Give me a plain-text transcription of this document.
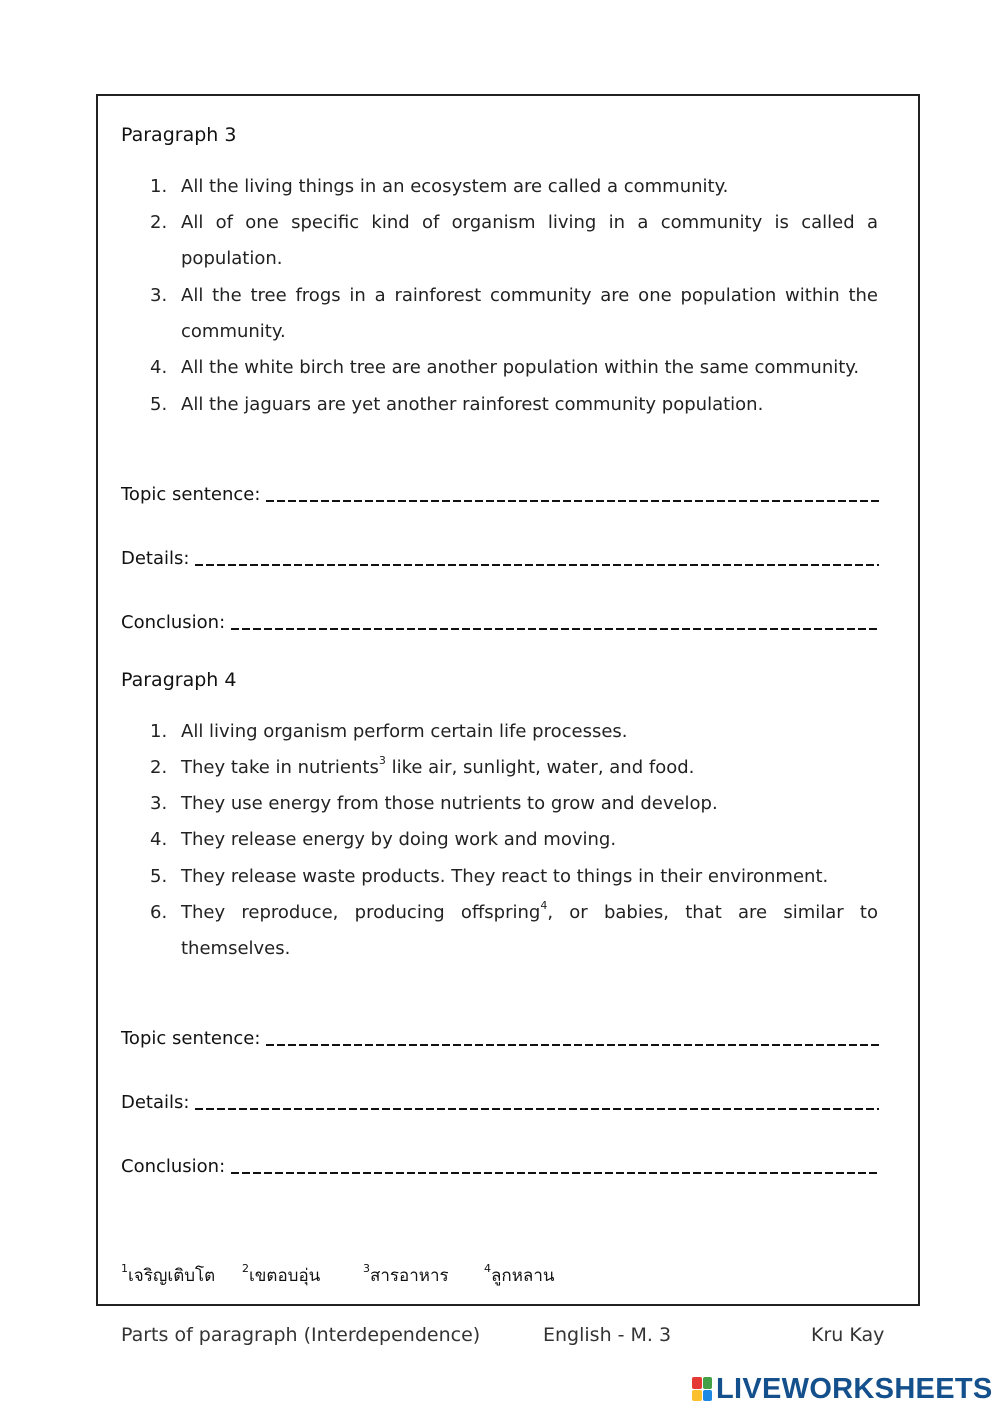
Paragraph 3
1. All the living things in an ecosystem are called a community.
2. All of one specific kind of organism living in a community is called a
population.
3. All the tree frogs in a rainforest community are one population within the
community.
4. All the white birch tree are another population within the same community.
5. All the jaguars are yet another rainforest community population.
Topic sentence:
Details:
Conclusion:
Paragraph 4
1. All living organism perform certain life processes.
2. They take in nutrients$^3$ like air, sunlight, water, and food.
3. They use energy from those nutrients to grow and develop.
4. They release energy by doing work and moving.
5. They release waste products. They react to things in their environment.
6. They reproduce, producing offspring$^4$, or babies, that are similar to
themselves.
Topic sentence:
Details:
Conclusion:
$^1$เจริญเติบโต $^2$เขตอบอุ่น	$^3$สารอาหาร	$^4$ลูกหลาน
Parts of paragraph (Interdependence)	English - M. 3	Kru Kay
LIVEWORKSHEETS
